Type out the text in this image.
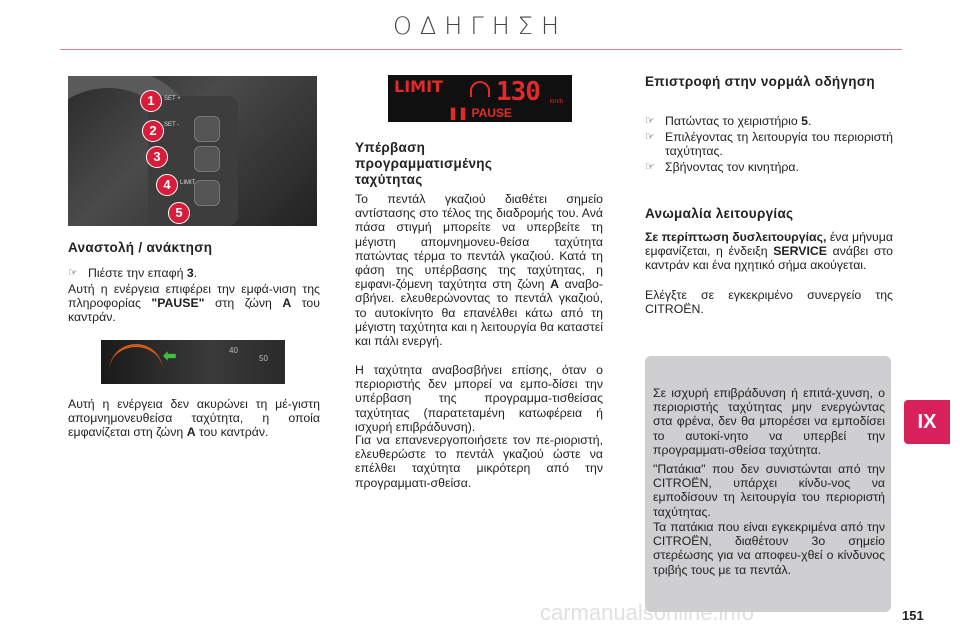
ΟΔΗΓΗΣΗ
SET +
SET -
LIMIT
1
2
3
4
5
Αναστολή / ανάκτηση
☞ Πιέστε την επαφή 3.
Αυτή η ενέργεια επιφέρει την εμφά-νιση της πληροφορίας "PAUSE" στη ζώνη A του καντράν.
⬅	40
50
Αυτή η ενέργεια δεν ακυρώνει τη μέ-γιστη απομνημονευθείσα ταχύτητα, η οποία εμφανίζεται στη ζώνη A του καντράν.
LIMIT 130 km/h
❚❚ PAUSE
Υπέρβαση προγραμματισμένης ταχύτητας
Το πεντάλ γκαζιού διαθέτει σημείο αντίστασης στο τέλος της διαδρομής του. Ανά πάσα στιγμή μπορείτε να υπερβείτε τη μέγιστη απομνημονευ-θείσα ταχύτητα πατώντας τέρμα το πεντάλ γκαζιού. Κατά τη φάση της υπέρβασης της ταχύτητας, η εμφανι-ζόμενη ταχύτητα στη ζώνη A αναβο-σβήνει. ελευθερώνοντας το πεντάλ γκαζιού, το αυτοκίνητο θα επανέλθει κάτω από τη μέγιστη ταχύτητα και η λειτουργία θα καταστεί και πάλι ενεργή.
Η ταχύτητα αναβοσβήνει επίσης, όταν ο περιοριστής δεν μπορεί να εμπο-δίσει την υπέρβαση της προγραμμα-τισθείσας ταχύτητας (παρατεταμένη κατωφέρεια ή ισχυρή επιβράδυνση).
Για να επανενεργοποιήσετε τον πε-ριοριστή, ελευθερώστε το πεντάλ γκαζιού ώστε να επέλθει ταχύτητα μικρότερη από την προγραμματι-σθείσα.
Επιστροφή στην νορμάλ οδήγηση
☞ Πατώντας το χειριστήριο 5.
☞ Επιλέγοντας τη λειτουργία του περιοριστή ταχύτητας.
☞ Σβήνοντας τον κινητήρα.
Ανωμαλία λειτουργίας
Σε περίπτωση δυσλειτουργίας, ένα μήνυμα εμφανίζεται, η ένδειξη SERVICE ανάβει στο καντράν και ένα ηχητικό σήμα ακούγεται.
Ελέγξτε σε εγκεκριμένο συνεργείο της CITROËN.
Σε ισχυρή επιβράδυνση ή επιτά-χυνση, ο περιοριστής ταχύτητας μην ενεργώντας στα φρένα, δεν θα μπορέσει να εμποδίσει το αυτοκί-νητο να υπερβεί την προγραμματι-σθείσα ταχύτητα.
"Πατάκια" που δεν συνιστώνται από την CITROËN, υπάρχει κίνδυ-νος να εμποδίσουν τη λειτουργία του περιοριστή ταχύτητας.
Τα πατάκια που είναι εγκεκριμένα από την CITROËN, διαθέτουν 3ο σημείο στερέωσης για να αποφευ-χθεί ο κίνδυνος τριβής τους με τα πεντάλ.
IX
carmanualsonline.info	151
